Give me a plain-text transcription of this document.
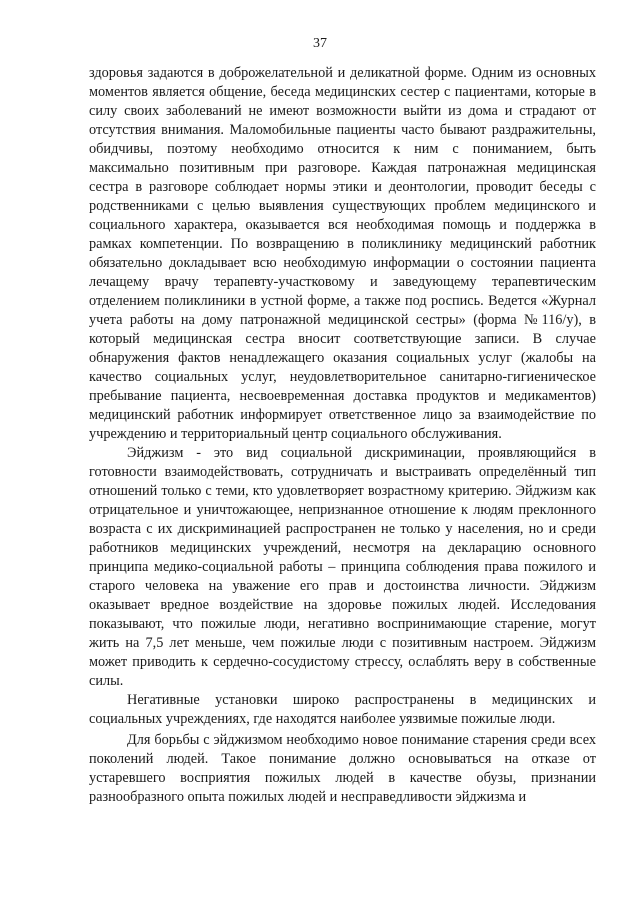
37

здоровья задаются в доброжелательной и деликатной форме. Одним из основных моментов является общение, беседа медицинских сестер с пациентами, которые в силу своих заболеваний не имеют возможности выйти из дома и страдают от отсутствия внимания. Маломобильные пациенты часто бывают раздражительны, обидчивы, поэтому необходимо относится к ним с пониманием, быть максимально позитивным при разговоре. Каждая патронажная медицинская сестра в разговоре соблюдает нормы этики и деонтологии, проводит беседы с родственниками с целью выявления существующих проблем медицинского и социального характера, оказывается вся необходимая помощь и поддержка в рамках компетенции. По возвращению в поликлинику медицинский работник обязательно докладывает всю необходимую информации о состоянии пациента лечащему врачу терапевту-участковому и заведующему терапевтическим отделением поликлиники в устной форме, а также под роспись. Ведется «Журнал учета работы на дому патронажной медицинской сестры» (форма №116/у), в который медицинская сестра вносит соответствующие записи. В случае обнаружения фактов ненадлежащего оказания социальных услуг (жалобы на качество социальных услуг, неудовлетворительное санитарно-гигиеническое пребывание пациента, несвоевременная доставка продуктов и медикаментов) медицинский работник информирует ответственное лицо за взаимодействие по учреждению и территориальный центр социального обслуживания.

Эйджизм - это вид социальной дискриминации, проявляющийся в готовности взаимодействовать, сотрудничать и выстраивать определённый тип отношений только с теми, кто удовлетворяет возрастному критерию. Эйджизм как отрицательное и уничтожающее, непризнанное отношение к людям преклонного возраста с их дискриминацией распространен не только у населения, но и среди работников медицинских учреждений, несмотря на декларацию основного принципа медико-социальной работы – принципа соблюдения права пожилого и старого человека на уважение его прав и достоинства личности. Эйджизм оказывает вредное воздействие на здоровье пожилых людей. Исследования показывают, что пожилые люди, негативно воспринимающие старение, могут жить на 7,5 лет меньше, чем пожилые люди с позитивным настроем. Эйджизм может приводить к сердечно-сосудистому стрессу, ослаблять веру в собственные силы.

Негативные установки широко распространены в медицинских и социальных учреждениях, где находятся наиболее уязвимые пожилые люди.

Для борьбы с эйджизмом необходимо новое понимание старения среди всех поколений людей. Такое понимание должно основываться на отказе от устаревшего восприятия пожилых людей в качестве обузы, признании разнообразного опыта пожилых людей и несправедливости эйджизма и
